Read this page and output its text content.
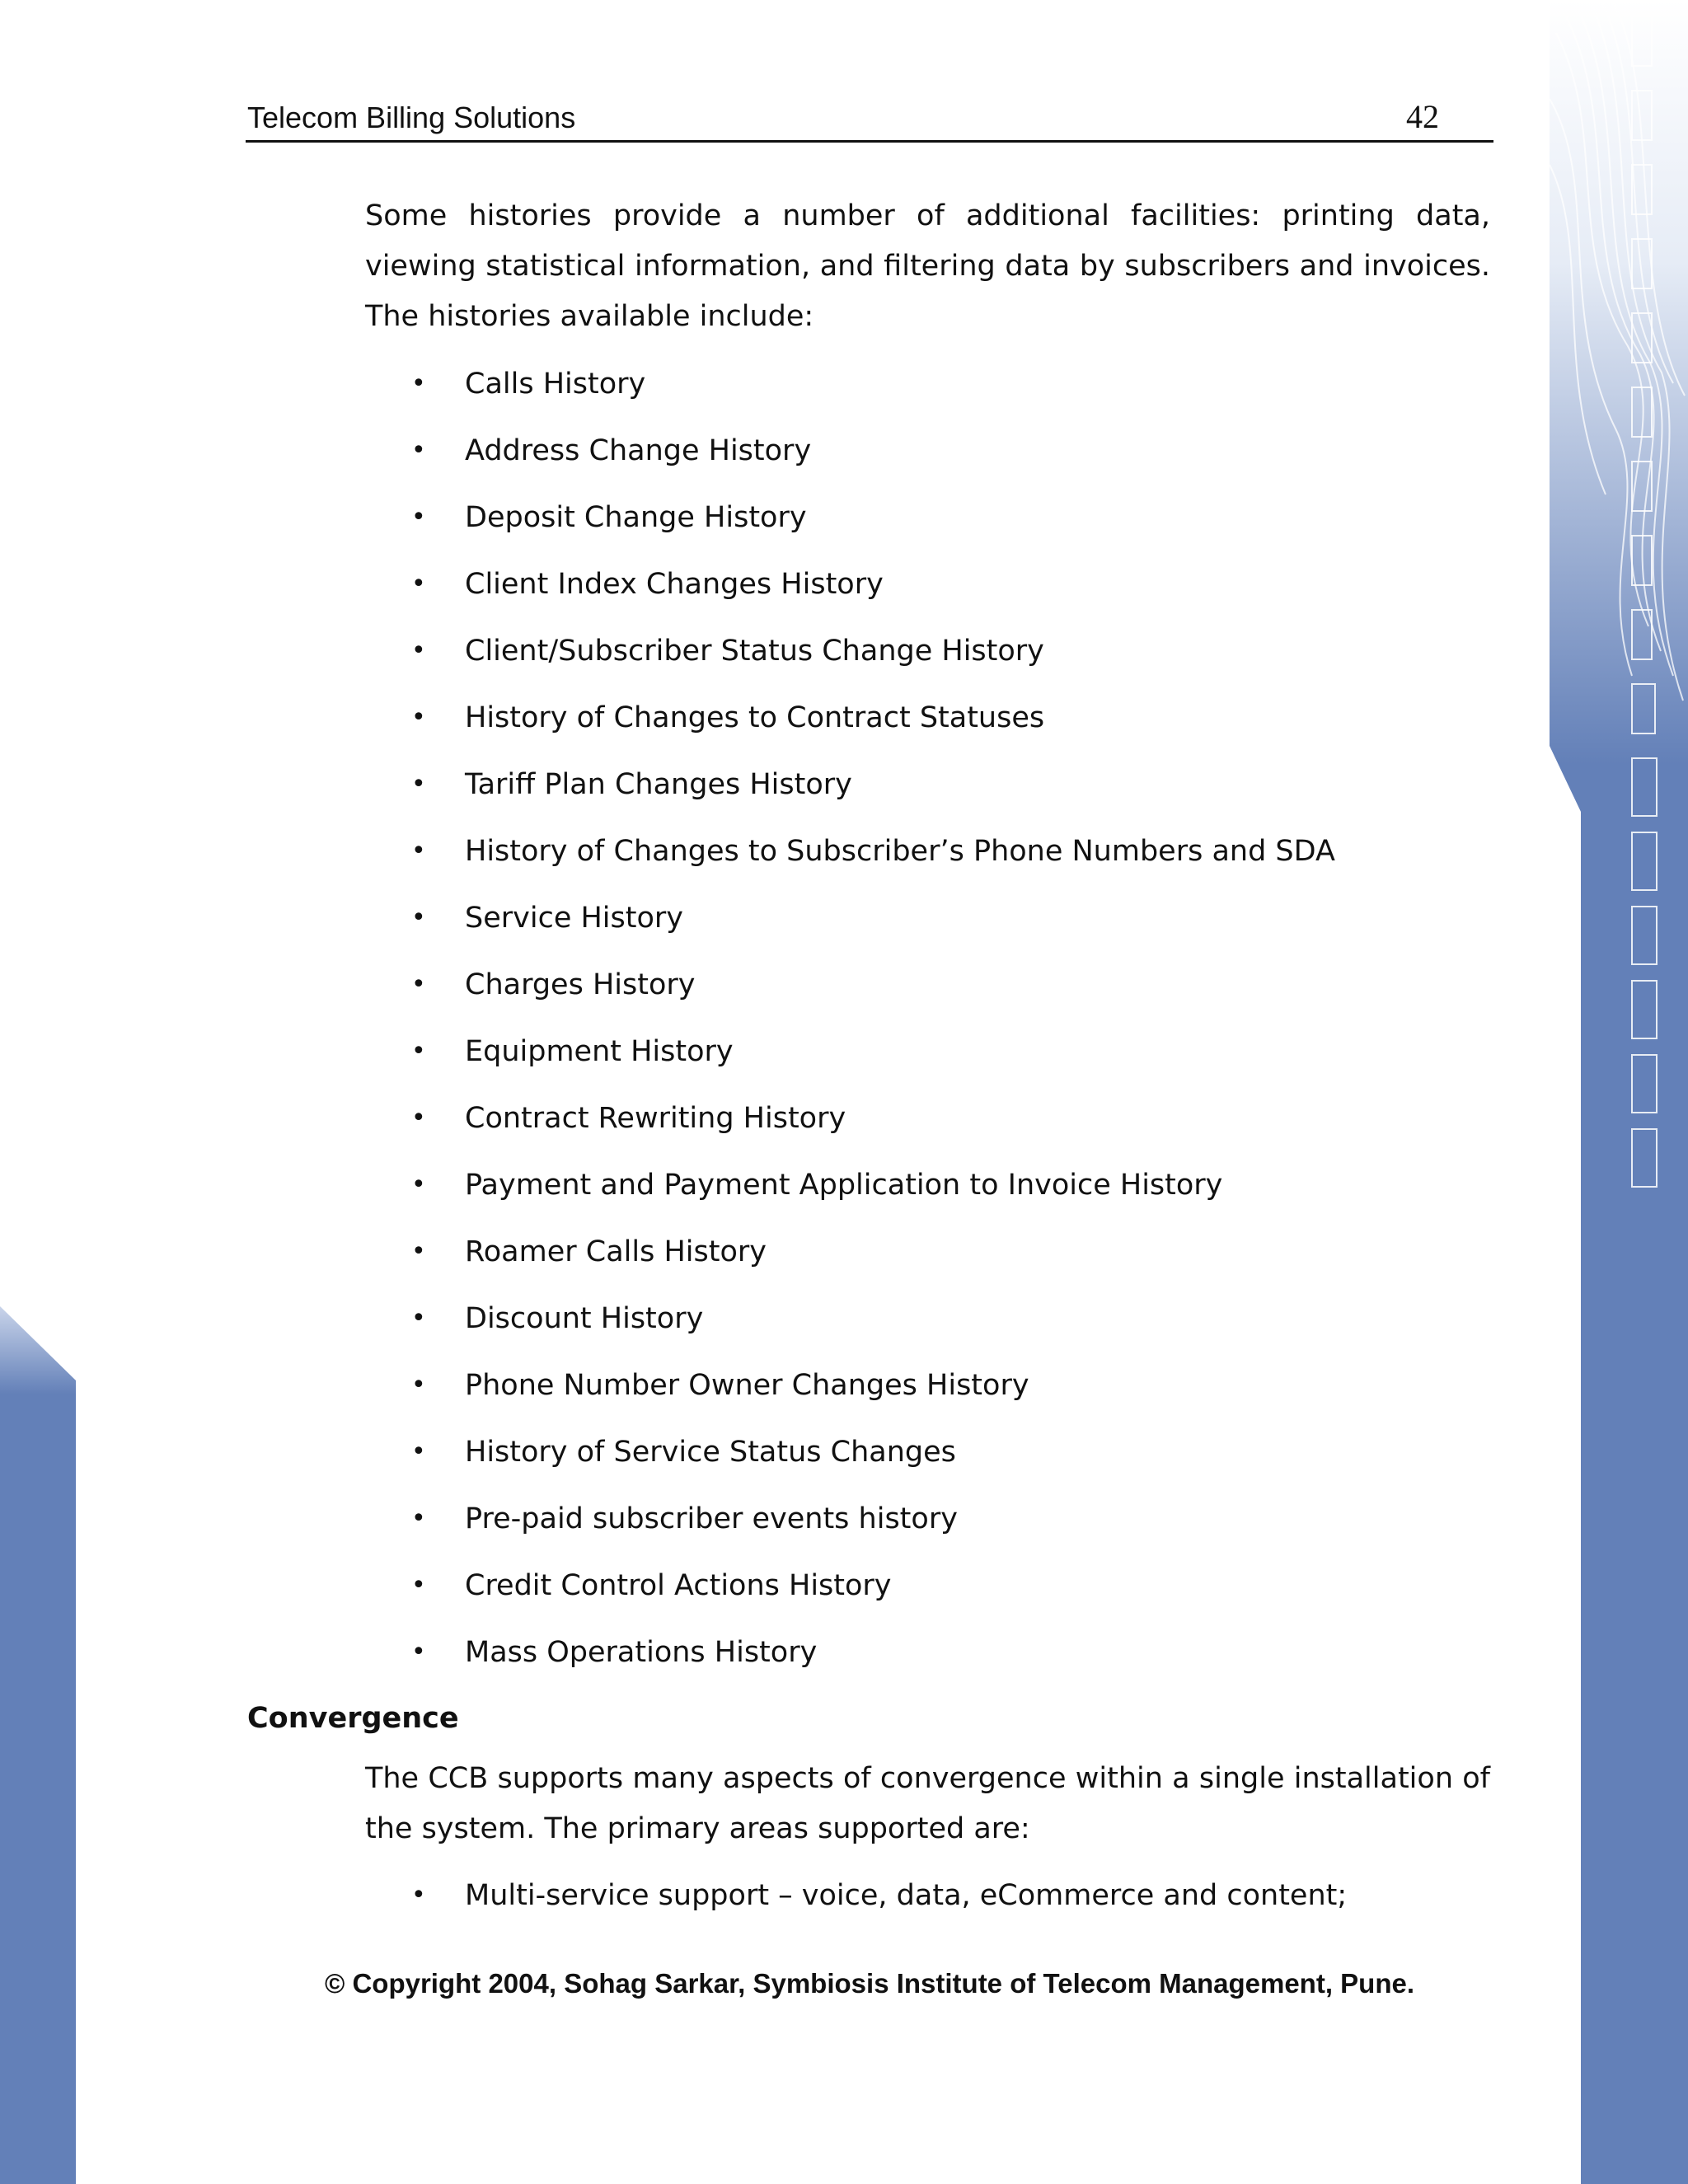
Telecom Billing Solutions	42

Some histories provide a number of additional facilities: printing data, viewing statistical information, and filtering data by subscribers and invoices. The histories available include:

• Calls History
• Address Change History
• Deposit Change History
• Client Index Changes History
• Client/Subscriber Status Change History
• History of Changes to Contract Statuses
• Tariff Plan Changes History
• History of Changes to Subscriber’s Phone Numbers and SDA
• Service History
• Charges History
• Equipment History
• Contract Rewriting History
• Payment and Payment Application to Invoice History
• Roamer Calls History
• Discount History
• Phone Number Owner Changes History
• History of Service Status Changes
• Pre-paid subscriber events history
• Credit Control Actions History
• Mass Operations History
Convergence

The CCB supports many aspects of convergence within a single installation of the system. The primary areas supported are:

• Multi-service support – voice, data, eCommerce and content;

© Copyright 2004, Sohag Sarkar, Symbiosis Institute of Telecom Management, Pune.
